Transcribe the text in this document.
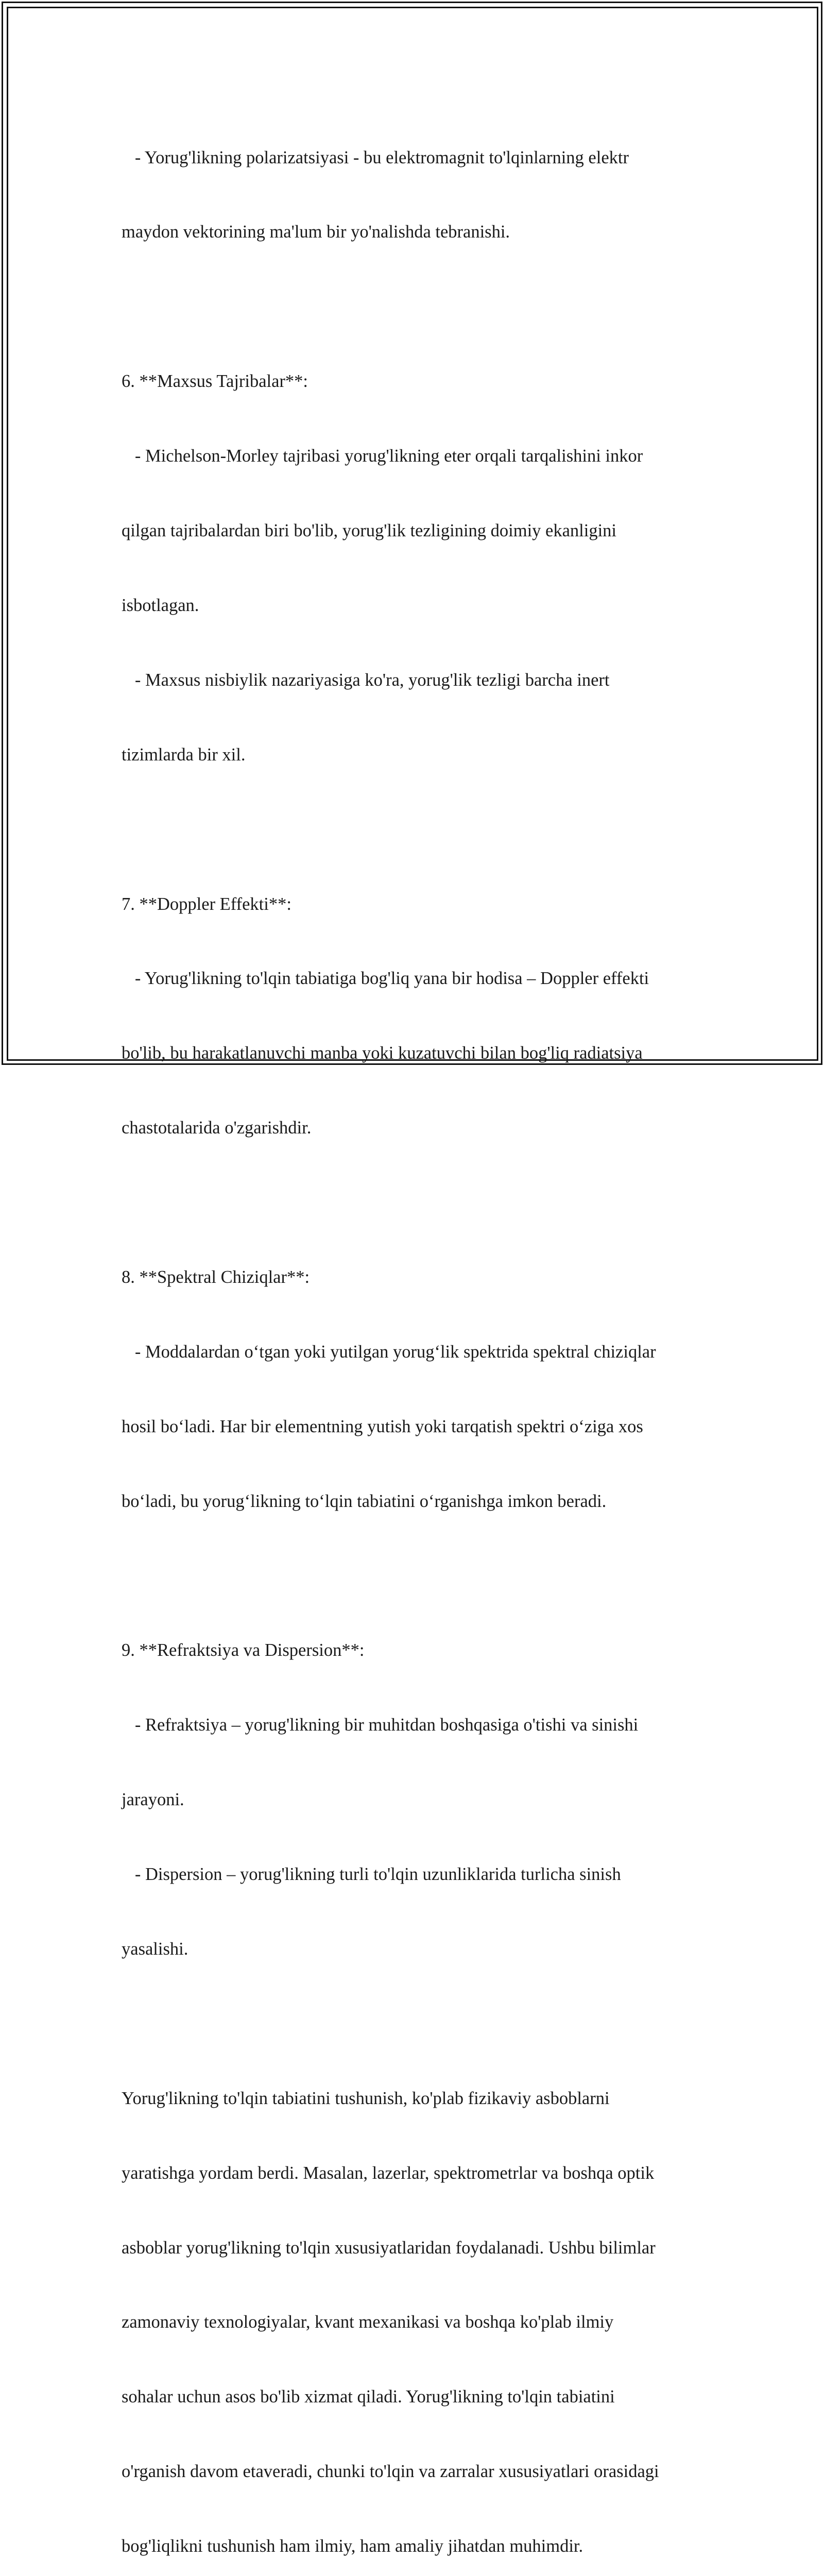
- Yorug'likning polarizatsiyasi - bu elektromagnit to'lqinlarning elektr

maydon vektorining ma'lum bir yo'nalishda tebranishi.

6. **Maxsus Tajribalar**:

- Michelson-Morley tajribasi yorug'likning eter orqali tarqalishini inkor

qilgan tajribalardan biri bo'lib, yorug'lik tezligining doimiy ekanligini

isbotlagan.

- Maxsus nisbiylik nazariyasiga ko'ra, yorug'lik tezligi barcha inert

tizimlarda bir xil.

7. **Doppler Effekti**:

- Yorug'likning to'lqin tabiatiga bog'liq yana bir hodisa – Doppler effekti

bo'lib, bu harakatlanuvchi manba yoki kuzatuvchi bilan bog'liq radiatsiya

chastotalarida o'zgarishdir.

8. **Spektral Chiziqlar**:

- Moddalardan o‘tgan yoki yutilgan yorug‘lik spektrida spektral chiziqlar

hosil bo‘ladi. Har bir elementning yutish yoki tarqatish spektri o‘ziga xos

bo‘ladi, bu yorug‘likning to‘lqin tabiatini o‘rganishga imkon beradi.

9. **Refraktsiya va Dispersion**:

- Refraktsiya – yorug'likning bir muhitdan boshqasiga o'tishi va sinishi

jarayoni.

- Dispersion – yorug'likning turli to'lqin uzunliklarida turlicha sinish

yasalishi.

Yorug'likning to'lqin tabiatini tushunish, ko'plab fizikaviy asboblarni

yaratishga yordam berdi. Masalan, lazerlar, spektrometrlar va boshqa optik

asboblar yorug'likning to'lqin xususiyatlaridan foydalanadi. Ushbu bilimlar

zamonaviy texnologiyalar, kvant mexanikasi va boshqa ko'plab ilmiy

sohalar uchun asos bo'lib xizmat qiladi. Yorug'likning to'lqin tabiatini

o'rganish davom etaveradi, chunki to'lqin va zarralar xususiyatlari orasidagi

bog'liqlikni tushunish ham ilmiy, ham amaliy jihatdan muhimdir.
